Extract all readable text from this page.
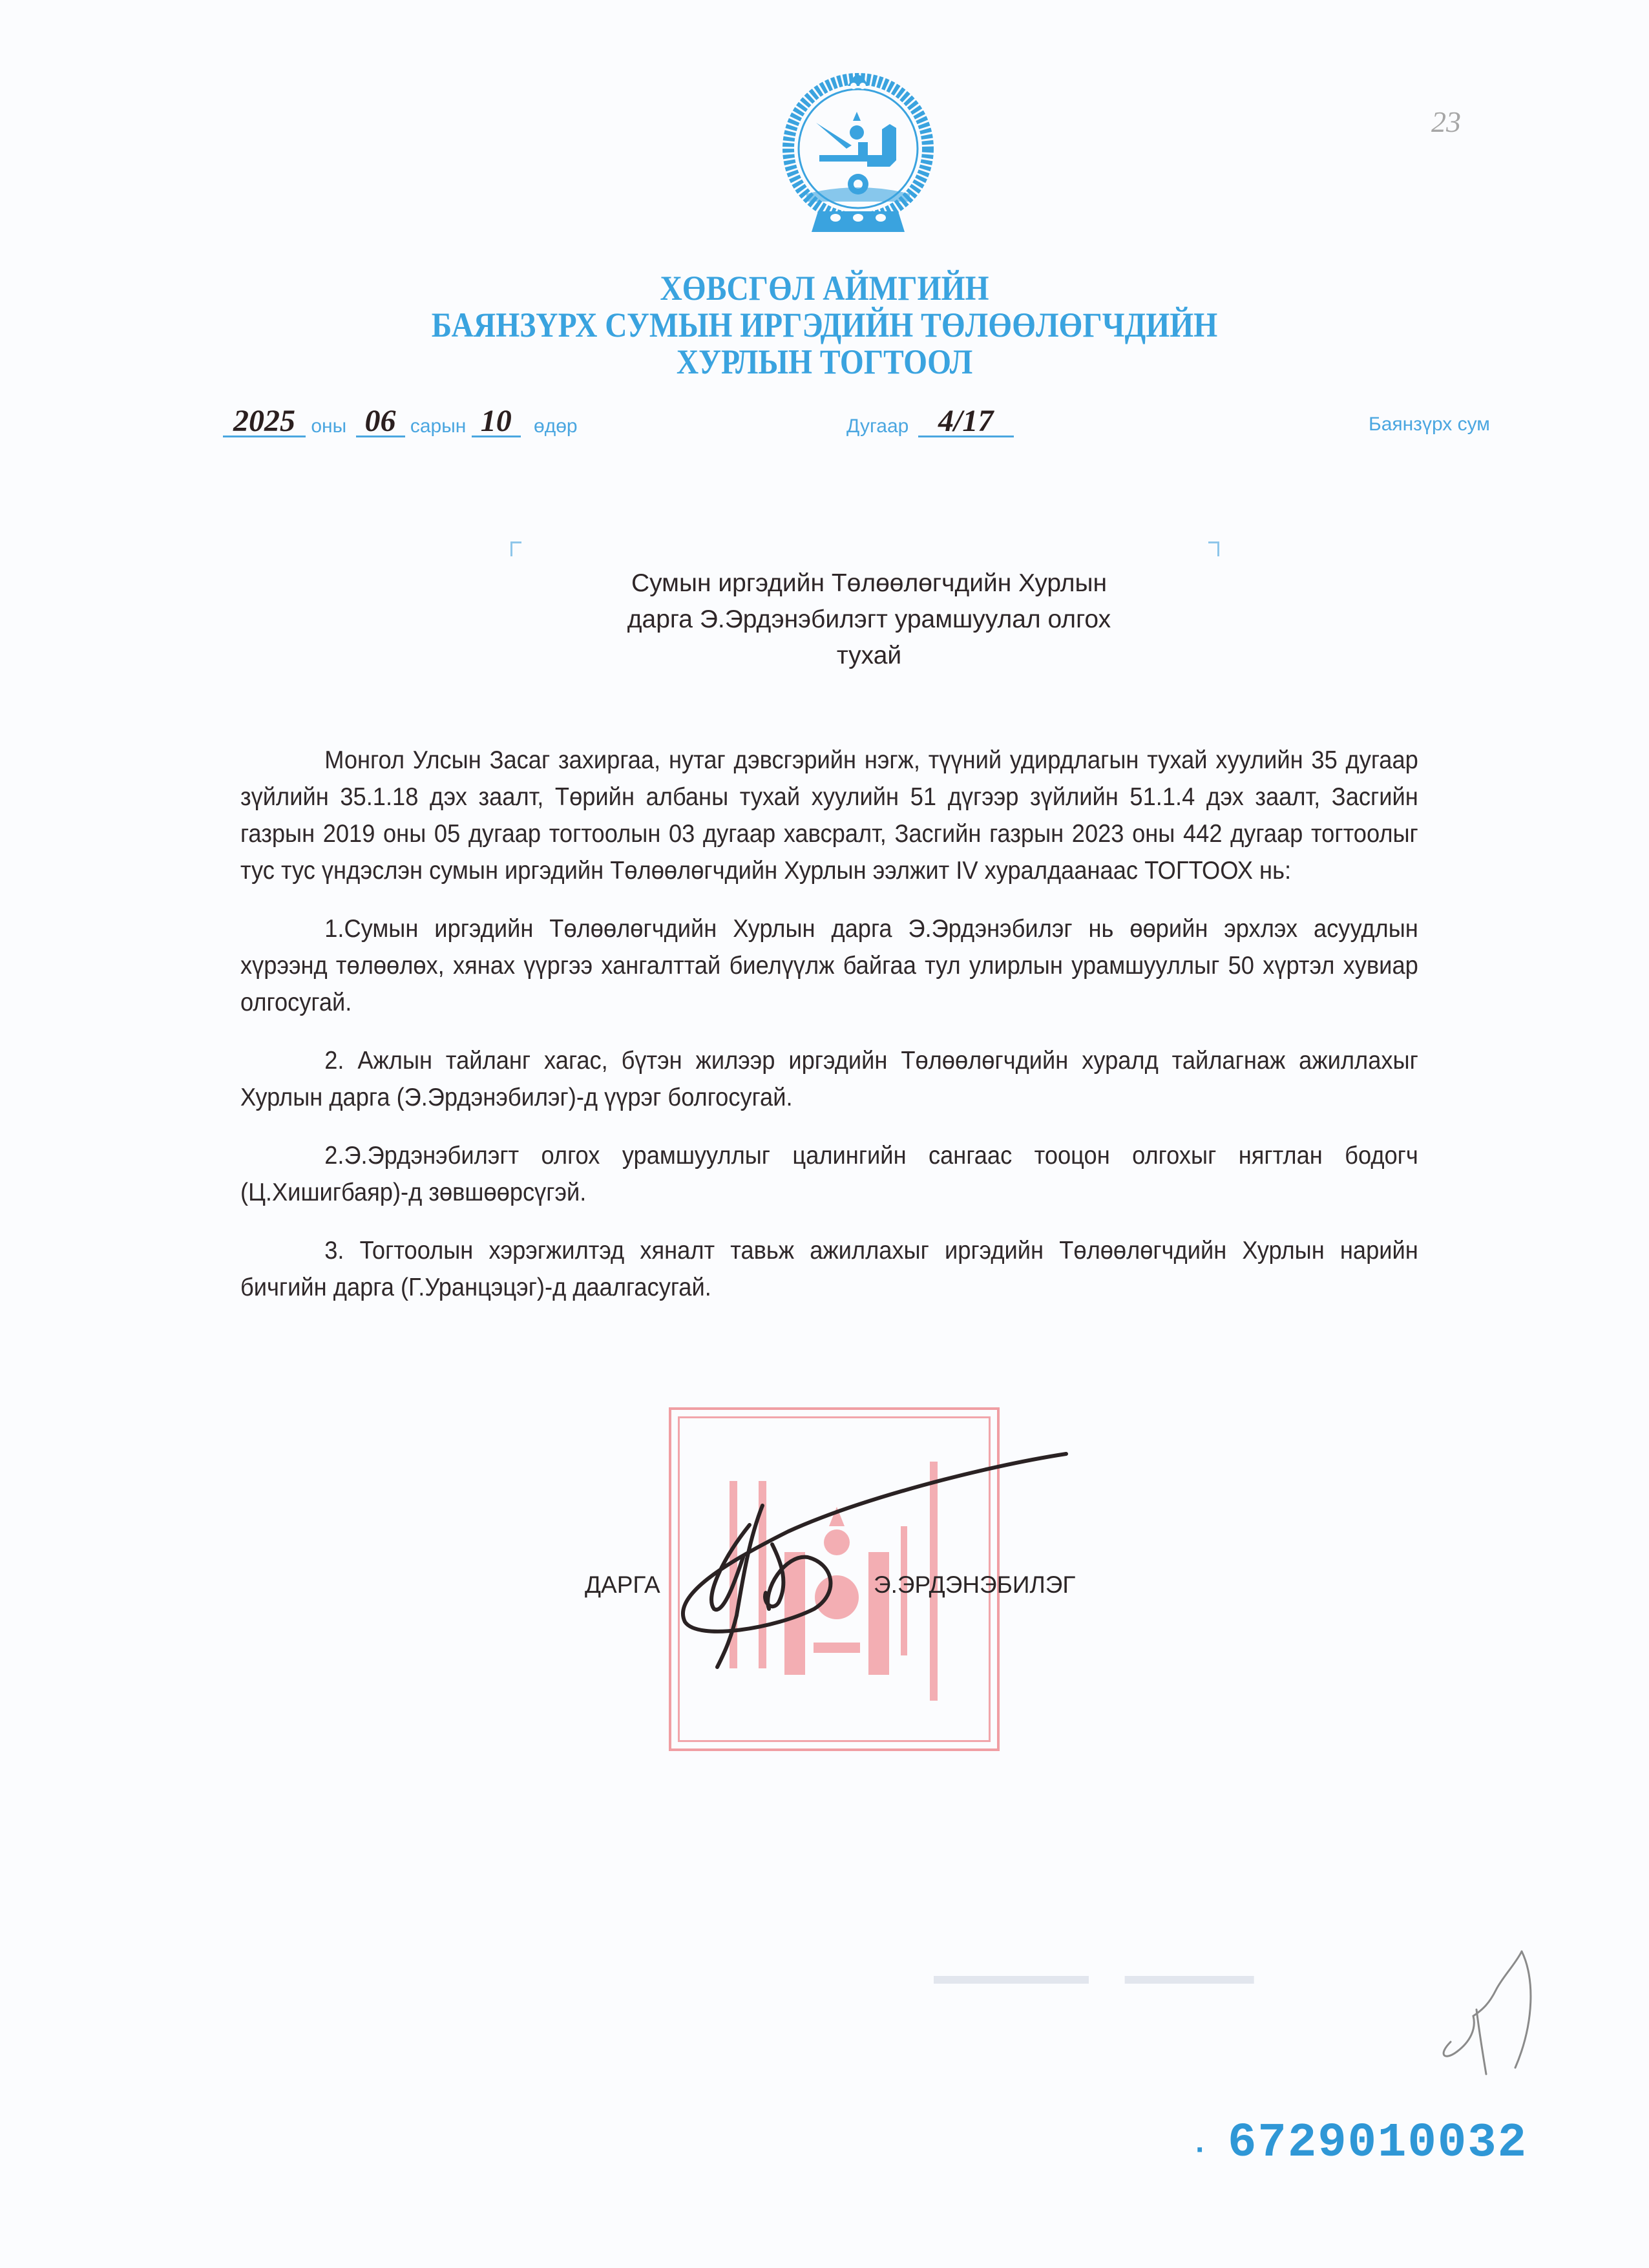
23
ХӨВСГӨЛ АЙМГИЙН
БАЯНЗҮРХ СУМЫН ИРГЭДИЙН ТӨЛӨӨЛӨГЧДИЙН
ХУРЛЫН ТОГТООЛ
2025 оны 06 сарын 10	өдөр	Дугаар 4/17	Баянзүрх сум
Сумын иргэдийн Төлөөлөгчдийн Хурлын
дарга Э.Эрдэнэбилэгт урамшуулал олгох
тухай

Монгол Улсын Засаг захиргаа, нутаг дэвсгэрийн нэгж, түүний удирдлагын тухай хуулийн 35 дугаар зүйлийн 35.1.18 дэх заалт, Төрийн албаны тухай хуулийн 51 дүгээр зүйлийн 51.1.4 дэх заалт, Засгийн газрын 2019 оны 05 дугаар тогтоолын 03 дугаар хавсралт, Засгийн газрын 2023 оны 442 дугаар тогтоолыг тус тус үндэслэн сумын иргэдийн Төлөөлөгчдийн Хурлын ээлжит IV хуралдаанаас ТОГТООХ нь:

1.Сумын иргэдийн Төлөөлөгчдийн Хурлын дарга Э.Эрдэнэбилэг нь өөрийн эрхлэх асуудлын хүрээнд төлөөлөх, хянах үүргээ хангалттай биелүүлж байгаа тул улирлын урамшууллыг 50 хүртэл хувиар олгосугай.

2. Ажлын тайланг хагас, бүтэн жилээр иргэдийн Төлөөлөгчдийн хуралд тайлагнаж ажиллахыг Хурлын дарга (Э.Эрдэнэбилэг)-д үүрэг болгосугай.

2.Э.Эрдэнэбилэгт олгох урамшууллыг цалингийн сангаас тооцон олгохыг нягтлан бодогч (Ц.Хишигбаяр)-д зөвшөөрсүгэй.

3. Тогтоолын хэрэгжилтэд хяналт тавьж ажиллахыг иргэдийн Төлөөлөгчдийн Хурлын нарийн бичгийн дарга (Г.Уранцэцэг)-д даалгасугай.

ДАРГА	Э.ЭРДЭНЭБИЛЭГ
▬▬▬▬▬▬     ▬▬▬▬▬
· 6729010032
